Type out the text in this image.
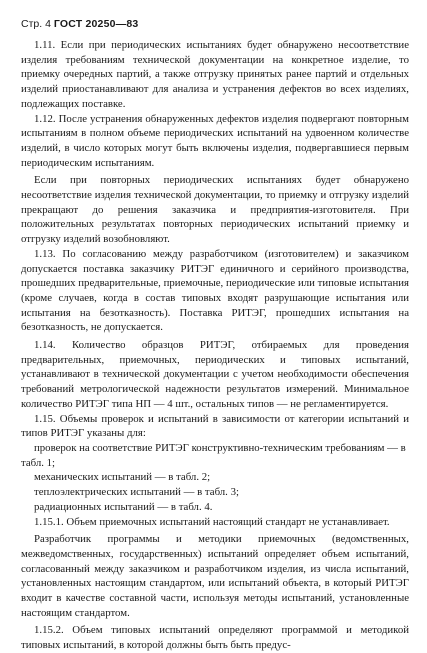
Стр. 4 ГОСТ 20250—83

1.11. Если при периодических испытаниях будет обнаружено несоответствие изделия требованиям технической документации на конкретное изделие, то приемку очередных партий, а также отгрузку принятых ранее партий и отдельных изделий приостанавливают для анализа и устранения дефектов во всех изделиях, подлежащих поставке.

1.12. После устранения обнаруженных дефектов изделия подвергают повторным испытаниям в полном объеме периодических испытаний на удвоенном количестве изделий, в число которых могут быть включены изделия, подвергавшиеся первым периодическим испытаниям.

Если при повторных периодических испытаниях будет обнаружено несоответствие изделия технической документации, то приемку и отгрузку изделий прекращают до решения заказчика и предприятия-изготовителя. При положительных результатах повторных периодических испытаний приемку и отгрузку изделий возобновляют.

1.13. По согласованию между разработчиком (изготовителем) и заказчиком допускается поставка заказчику РИТЭГ единичного и серийного производства, прошедших предварительные, приемочные, периодические или типовые испытания (кроме случаев, когда в состав типовых входят разрушающие испытания или испытания на безотказность). Поставка РИТЭГ, прошедших испытания на безотказность, не допускается.

1.14. Количество образцов РИТЭГ, отбираемых для проведения предварительных, приемочных, периодических и типовых испытаний, устанавливают в технической документации с учетом необходимости обеспечения требований метрологической надежности результатов измерений. Минимальное количество РИТЭГ типа НП — 4 шт., остальных типов — не регламентируется.

1.15. Объемы проверок и испытаний в зависимости от категории испытаний и типов РИТЭГ указаны для:

проверок на соответствие РИТЭГ конструктивно-техническим требованиям — в табл. 1;

механических испытаний — в табл. 2;

теплоэлектрических испытаний — в табл. 3;

радиационных испытаний — в табл. 4.

1.15.1. Объем приемочных испытаний настоящий стандарт не устанавливает.

Разработчик программы и методики приемочных (ведомственных, межведомственных, государственных) испытаний определяет объем испытаний, согласованный между заказчиком и разработчиком изделия, из числа испытаний, установленных настоящим стандартом, или испытаний объекта, в который РИТЭГ входит в качестве составной части, используя методы испытаний, установленные настоящим стандартом.

1.15.2. Объем типовых испытаний определяют программой и методикой типовых испытаний, в которой должны быть быть предус-
